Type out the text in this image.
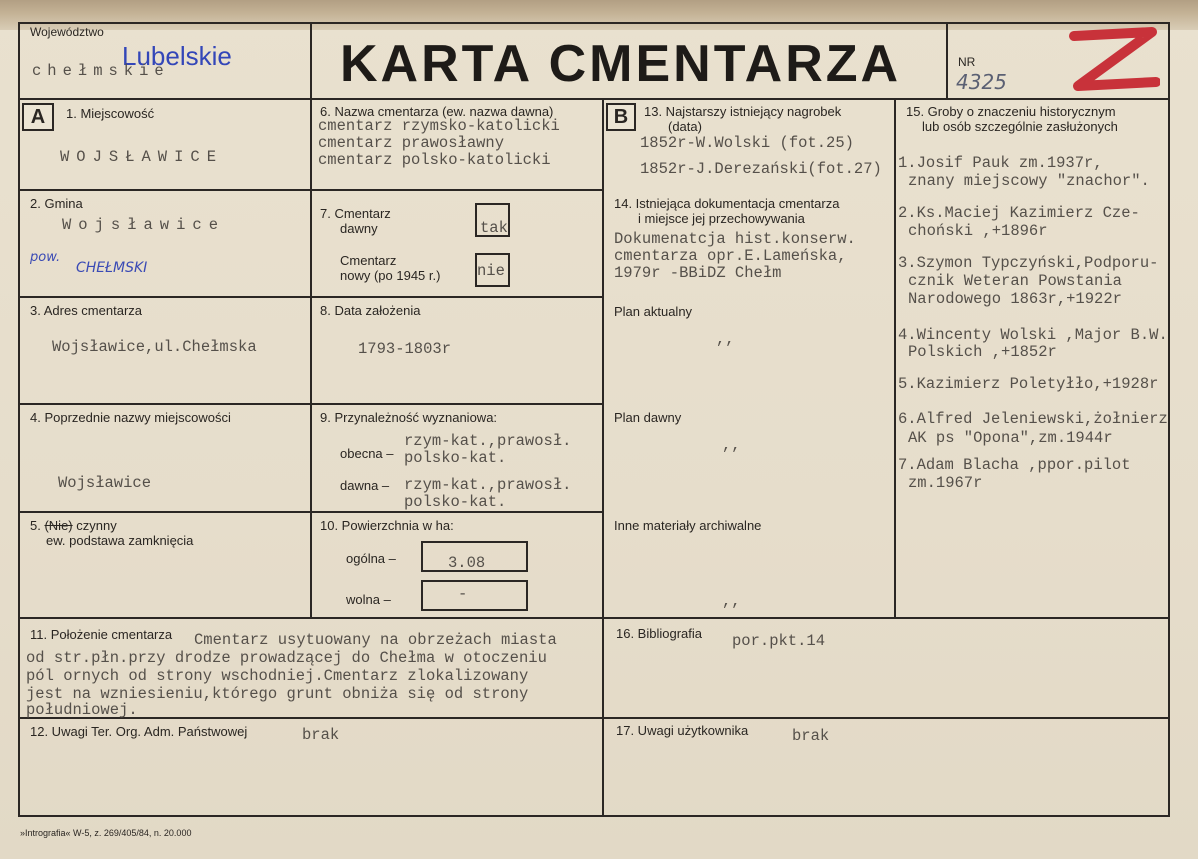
Województwo
Lubelskie
chełmskie	KARTA CMENTARZA	NR
4325
A	B
1. Miejscowość
WOJSŁAWICE
2. Gmina
Wojsławice
pow.
CHEŁMSKI
3. Adres cmentarza
Wojsławice,ul.Chełmska
4. Poprzednie nazwy miejscowości
Wojsławice
5. (Nie) czynny
ew. podstawa zamknięcia
6. Nazwa cmentarza (ew. nazwa dawna)
cmentarz rzymsko-katolicki
cmentarz prawosławny
cmentarz polsko-katolicki
7. Cmentarz
dawny	tak
Cmentarz
nowy (po 1945 r.) nie
8. Data założenia
1793-1803r
9. Przynależność wyznaniowa:
obecna –
rzym-kat.,prawosł.
polsko-kat.
dawna – rzym-kat.,prawosł.
polsko-kat.
10. Powierzchnia w ha:
ogólna –	3.08
wolna –	-
13. Najstarszy istniejący nagrobek
(data)
1852r-W.Wolski (fot.25)
1852r-J.Derezański(fot.27)
14. Istniejąca dokumentacja cmentarza
i miejsce jej przechowywania
Dokumenatcja hist.konserw.
cmentarza opr.E.Lameńska,
1979r -BBiDZ Chełm
Plan aktualny
,,
Plan dawny
,,
Inne materiały archiwalne
,,
15. Groby o znaczeniu historycznym
lub osób szczególnie zasłużonych
1.Josif Pauk zm.1937r,
znany miejscowy "znachor".
2.Ks.Maciej Kazimierz Cze-
choński ,+1896r
3.Szymon Typczyński,Podporu-
cznik Weteran Powstania
Narodowego 1863r,+1922r
4.Wincenty Wolski ,Major B.W.
Polskich ,+1852r
5.Kazimierz Poletyłło,+1928r
6.Alfred Jeleniewski,żołnierz
AK ps "Opona",zm.1944r
7.Adam Blacha ,ppor.pilot
zm.1967r
11. Położenie cmentarza Cmentarz usytuowany na obrzeżach miasta
od str.płn.przy drodze prowadzącej do Chełma w otoczeniu
pól ornych od strony wschodniej.Cmentarz zlokalizowany
jest na wzniesieniu,którego grunt obniża się od strony
południowej.
16. Bibliografia por.pkt.14
12. Uwagi Ter. Org. Adm. Państwowej	brak	17. Uwagi użytkownika	brak
»Intrografia« W-5, z. 269/405/84, n. 20.000
